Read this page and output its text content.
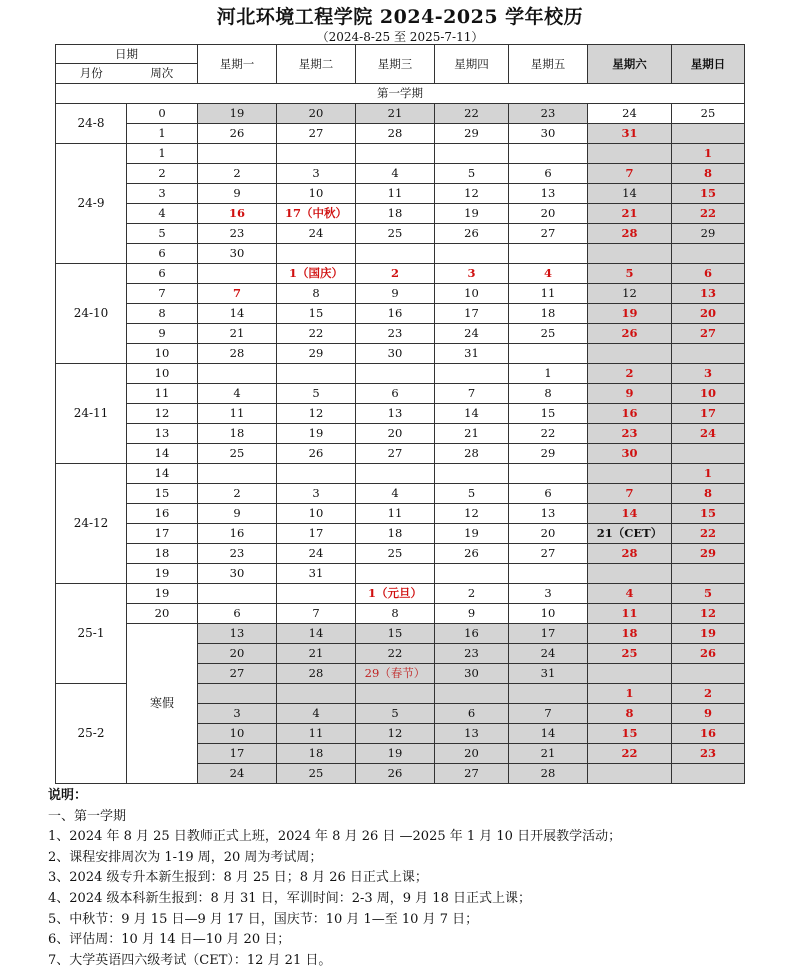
河北环境工程学院 2024-2025 学年校历
（2024-8-25 至 2025-7-11）
日期
月份 周次		星期一	星期二	星期三	星期四	星期五	星期六	星期日
第一学期								
24-8	0	19	20	21	22	23	24	25
	1	26	27	28	29	30	31	
24-9	1							1
	2	2	3	4	5	6	7	8
	3	9	10	11	12	13	14	15
	4	16	17（中秋）	18	19	20	21	22
	5	23	24	25	26	27	28	29
	6	30						
24-10	6		1（国庆）	2	3	4	5	6
	7	7	8	9	10	11	12	13
	8	14	15	16	17	18	19	20
	9	21	22	23	24	25	26	27
	10	28	29	30	31			
24-11	10					1	2	3
	11	4	5	6	7	8	9	10
	12	11	12	13	14	15	16	17
	13	18	19	20	21	22	23	24
	14	25	26	27	28	29	30	
24-12	14							1
	15	2	3	4	5	6	7	8
	16	9	10	11	12	13	14	15
	17	16	17	18	19	20	21（CET）	22
	18	23	24	25	26	27	28	29
	19	30	31					
25-1	19			1（元旦）	2	3	4	5
	20	6	7	8	9	10	11	12
	寒假	13	14	15	16	17	18	19
		20	21	22	23	24	25	26
		27	28	29（春节）	30	31		
25-2							1	2
		3	4	5	6	7	8	9
		10	11	12	13	14	15	16
		17	18	19	20	21	22	23
		24	25	26	27	28		
说明：
一、第一学期
1、2024 年 8 月 25 日教师正式上班，2024 年 8 月 26 日 —2025 年 1 月 10 日开展教学活动；
2、课程安排周次为 1-19 周，20 周为考试周；
3、2024 级专升本新生报到：8 月 25 日；8 月 26 日正式上课；
4、2024 级本科新生报到：8 月 31 日，军训时间：2-3 周，9 月 18 日正式上课；
5、中秋节：9 月 15 日—9 月 17 日，国庆节：10 月 1—至 10 月 7 日；
6、评估周：10 月 14 日—10 月 20 日；
7、大学英语四六级考试（CET）：12 月 21 日。
